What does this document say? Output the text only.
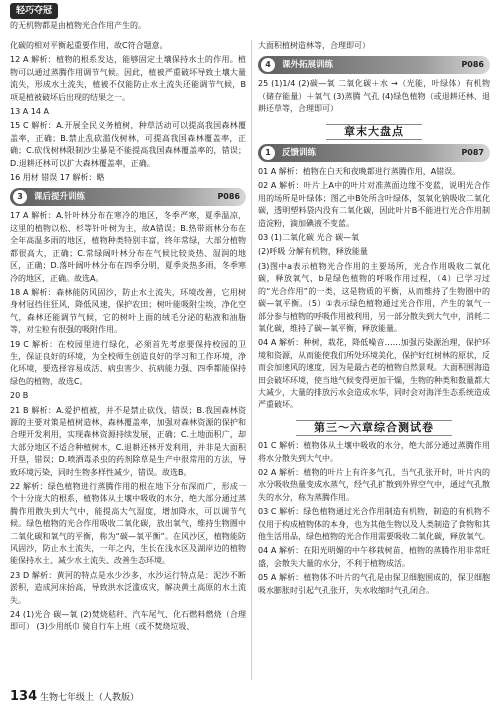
轻巧夺冠
的无机物都是由植物光合作用产生的。

化碳的相对平衡起重要作用，故C符合题意。

12 A 解析：植物的根系发达，能够固定土壤保持水土的作用。植物可以通过蒸腾作用调节气候。因此，植被严重破坏导致土壤大量流失，形成水土流失，植被不仅能防止水土流失还能调节气候，B项是植被破坏后出现的结果之一。

13 A 14 A

15 C 解析：A.开展全民义务植树，种草活动可以提高我国森林覆盖率，正确；B.禁止乱砍滥伐树林，可提高我国森林覆盖率，正确；C.砍伐树林限制沙尘暴是不能提高我国森林覆盖率的，错误；D.退耕还林可以扩大森林覆盖率，正确。

16 用材 错误 17 解析：略

3	课后提升训练	P086

17 A 解析：A.针叶林分布在寒冷的地区，冬季严寒，夏季温凉，这里的植物以松、杉等针叶树为主，故A错误；B.热带雨林分布在全年高温多雨的地区，植物种类特别丰富，终年常绿，大部分植物都很高大，正确；C.常绿阔叶林分布在气候比较炎热、湿润的地区，正确；D.落叶阔叶林分布在四季分明，夏季炎热多雨，冬季寒冷的地区，正确。故选A。

18 A 解析：森林能防风固沙，防止水土流失，环境改善，它用树身材冠挡住狂风，降低风速，保护农田；树叶能吸附尘埃，净化空气，森林还能调节气候，它的树叶上面的绒毛分泌的粘液和油脂等，对尘粒有很强的吸附作用。

19 C 解析：在校园里进行绿化，必须首先考虑要保持校园的卫生，保证良好的环境，为全校师生创造良好的学习和工作环境，净化环境，要选择容易成活、病虫害少、抗病能力强、四季都能保持绿色的植物，故选C。

20 B

21 B 解析：A.爱护植被，并不是禁止砍伐，错误；B.我国森林资源的主要对策是植树造林，森林覆盖率，加强对森林资源的保护和合理开发利用，实现森林资源持续发展，正确；C.土地面积广，却大部分地区不适合种植树木，C.退耕还林开发利用，并非是大面积开垦，错误；D.喷洒毒杀虫的药剂除草是生产中很常用的方法，导致环境污染，同时生物多样性减少，错误。故选B。

22 解析：绿色植物进行蒸腾作用的根在地下分布深而广，形成一个十分庞大的根系，植物体从土壤中吸收的水分，绝大部分通过蒸腾作用散失到大气中，能提高大气湿度，增加降水，可以调节气候。绿色植物的光合作用吸收二氧化碳，放出氧气，维持生物圈中二氧化碳和氧气的平衡，称为“碳—氧平衡”。在风沙区，植物能防风固沙，防止水土流失，一年之内，生长在浅水区及湖岸边的植物能保持水土、减少水土流失、改善生态环境。

23 D 解析：黄河的特点是水少沙多，水沙运行特点是：泥沙不断淤积，造成河床抬高，导致洪水泛滥成灾，解决黄土高原的水土流失。

24 (1)光合 碳—氧 (2)焚烧秸秆、汽车尾气、化石燃料燃烧（合理即可） (3)少用纸巾 骑自行车上班（或不焚烧垃圾、

大面积植树造林等，合理即可）

4	课外拓展训练	P086

25 (1)1/4 (2)碳—氧 二氧化碳＋水 →（光能，叶绿体）有机物（储存能量）＋氧气 (3)蒸腾 气孔 (4)绿色植物（或退耕还林、退耕还草等，合理即可）

章末大盘点
1	反馈训练	P087

01 A 解析：植物在白天和夜晚都进行蒸腾作用，A错误。

02 A 解析：叶片上A中的叶片对准蒸面边缘不变蓝，说明光合作用的场所是叶绿体；图乙中B处所含叶绿体，氢氧化钠吸收二氧化碳，透明塑料袋内没有二氧化碳，因此叶片B不能进行光合作用制造淀粉，滴加碘液不变蓝。

03 (1)二氧化碳 光合 碳—氧

(2)呼吸 分解有机物，释放能量

(3)图中a表示植物光合作用的主要场所，光合作用吸收二氧化碳，释放氧气，b是绿色植物的呼吸作用过程，（4）已学习过的“光合作用”的一类，这是物质的平衡，从而维持了生物圈中的碳—氧平衡。（5）①表示绿色植物通过光合作用，产生的氧气一部分参与植物的呼吸作用被利用，另一部分散失到大气中，消耗二氧化碳，维持了碳—氧平衡，释放能量。

04 A 解析：种树，栽花，降低噪音……加强污染源治理，保护环境和资源，从而能使我们所处环境美化，保护好红树林的原状，反而会加速风的速度，因为是最古老的植物自然景观。大面积围海造田会破坏环境，使当地气候变得更加干燥，生物的种类和数量都大大减少，大量的排放污水会造成水华，同时会对海洋生态系统造成严重破坏。

第三～六章综合测试卷

01 C 解析：植物体从土壤中吸收的水分，绝大部分通过蒸腾作用将水分散失到大气中。

02 A 解析：植物的叶片上有许多气孔，当气孔张开时，叶片内的水分吸收热量变成水蒸气，经气孔扩散到外界空气中，通过气孔散失的水分，称为蒸腾作用。

03 C 解析：绿色植物通过光合作用制造有机物，制造的有机物不仅用于构成植物体的本身，也为其他生物以及人类制造了食物和其他生活用品，绿色植物的光合作用需要吸收二氧化碳，释放氧气。

04 A 解析：在阳光明媚的中午移栽树苗，植物的蒸腾作用非常旺盛，会散失大量的水分，不利于植物成活。

05 A 解析：植物体不叶片的气孔是由保卫细胞围成的，保卫细胞吸水膨胀时引起气孔张开，失水收缩时气孔闭合。

134 生物七年级上（人教版）
